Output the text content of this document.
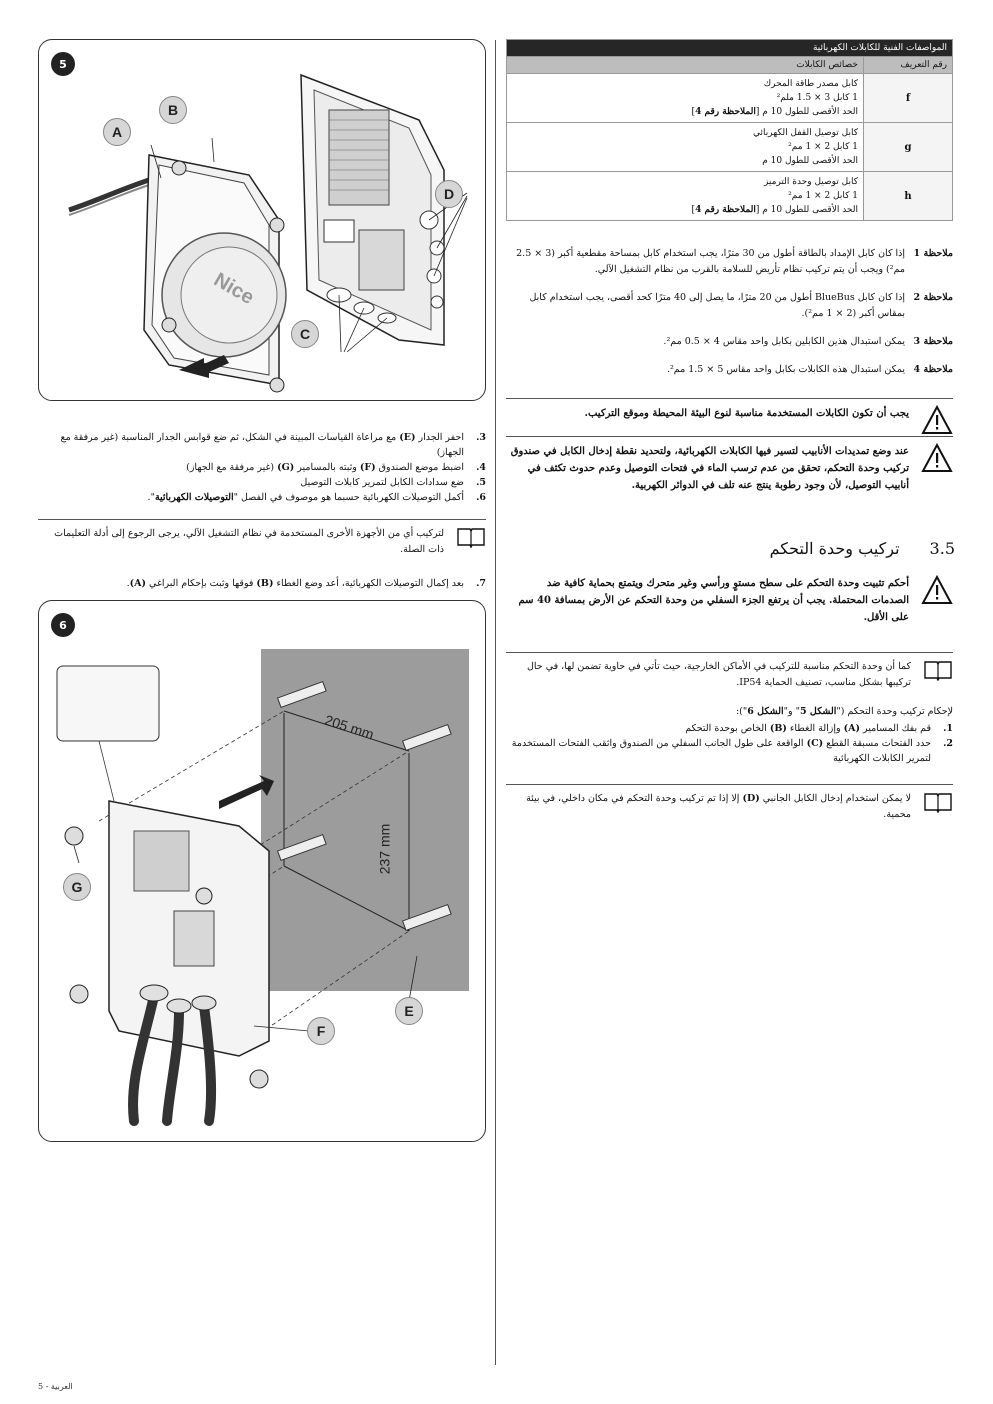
5
Nice
A
B
C
D
3.
احفر الجدار (E) مع مراعاة القياسات المبينة في الشكل، ثم ضع قوابس الجدار المناسبة (غير مرفقة مع الجهاز)
4.
اضبط موضع الصندوق (F) وثبته بالمسامير (G) (غير مرفقة مع الجهاز)
5.
ضع سدادات الكابل لتمرير كابلات التوصيل
6.
أكمل التوصيلات الكهربائية حسبما هو موصوف في الفصل "التوصيلات الكهربائية".
لتركيب أي من الأجهزة الأخرى المستخدمة في نظام التشغيل الآلي، يرجى الرجوع إلى أدلة التعليمات ذات الصلة.
7.
بعد إكمال التوصيلات الكهربائية، أعد وضع الغطاء (B) فوقها وثبت بإحكام البراغي (A).
6
205 mm
237 mm
G
F
E
المواصفات الفنية للكابلات الكهربائية	
رقم التعريف	خصائص الكابلات
f	كابل مصدر طاقة المحرك
1 كابل 3 × 1.5 ملم²
الحد الأقصى للطول 10 م [الملاحظة رقم 4]

g	كابل توصيل القفل الكهربائي
1 كابل 2 × 1 مم²
الحد الأقصى للطول 10 م

h	كابل توصيل وحدة الترميز
1 كابل 2 × 1 مم²
الحد الأقصى للطول 10 م [الملاحظة رقم 4]
ملاحظة 1
إذا كان كابل الإمداد بالطاقة أطول من 30 مترًا، يجب استخدام كابل بمساحة مقطعية أكبر (3 × 2.5 مم²) ويجب أن يتم تركيب نظام تأريض للسلامة بالقرب من نظام التشغيل الآلي.
ملاحظة 2
إذا كان كابل BlueBus أطول من 20 مترًا، ما يصل إلى 40 مترًا كحد أقصى، يجب استخدام كابل بمقاس أكبر (2 × 1 مم²).
ملاحظة 3
يمكن استبدال هذين الكابلين بكابل واحد مقاس 4 × 0.5 مم².
ملاحظة 4
يمكن استبدال هذه الكابلات بكابل واحد مقاس 5 × 1.5 مم².
يجب أن تكون الكابلات المستخدمة مناسبة لنوع البيئة المحيطة وموقع التركيب.
عند وضع تمديدات الأنابيب لتسير فيها الكابلات الكهربائية، ولتحديد نقطة إدخال الكابل في صندوق تركيب وحدة التحكم، تحقق من عدم ترسب الماء في فتحات التوصيل وعدم حدوث تكثف في أنابيب التوصيل، لأن وجود رطوبة ينتج عنه تلف في الدوائر الكهربية.
3.5
تركيب وحدة التحكم
أحكم تثبيت وحدة التحكم على سطح مستوٍ ورأسي وغير متحرك ويتمتع بحماية كافية ضد الصدمات المحتملة. يجب أن يرتفع الجزء السفلي من وحدة التحكم عن الأرض بمسافة 40 سم على الأقل.
كما أن وحدة التحكم مناسبة للتركيب في الأماكن الخارجية، حيث تأتي في حاوية تضمن لها، في حال تركيبها بشكل مناسب، تصنيف الحماية IP54.
لإحكام تركيب وحدة التحكم ("الشكل 5" و"الشكل 6"):
1.
قم بفك المسامير (A) وإزالة الغطاء (B) الخاص بوحدة التحكم
2.
حدد الفتحات مسبقة القطع (C) الواقعة على طول الجانب السفلي من الصندوق واثقب الفتحات المستخدمة لتمرير الكابلات الكهربائية
لا يمكن استخدام إدخال الكابل الجانبي (D) إلا إذا تم تركيب وحدة التحكم في مكان داخلي، في بيئة محمية.
العربية - 5
